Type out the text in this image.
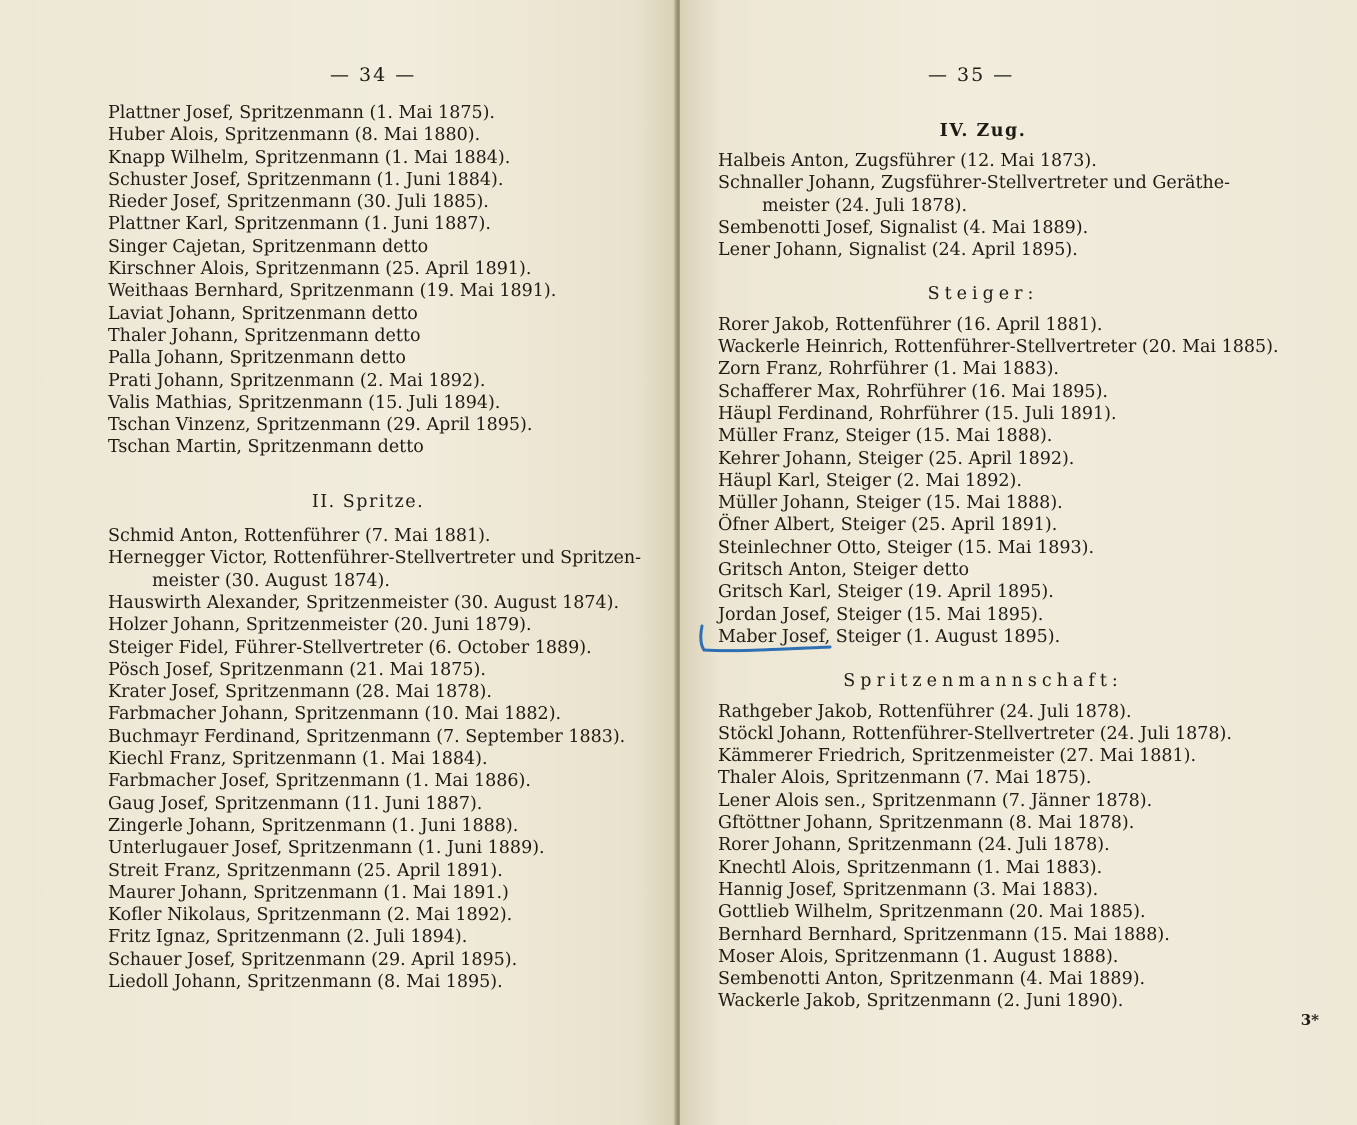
— 34 —
Plattner Josef, Spritzenmann (1. Mai 1875).
Huber Alois, Spritzenmann (8. Mai 1880).
Knapp Wilhelm, Spritzenmann (1. Mai 1884).
Schuster Josef, Spritzenmann (1. Juni 1884).
Rieder Josef, Spritzenmann (30. Juli 1885).
Plattner Karl, Spritzenmann (1. Juni 1887).
Singer Cajetan, Spritzenmann detto
Kirschner Alois, Spritzenmann (25. April 1891).
Weithaas Bernhard, Spritzenmann (19. Mai 1891).
Laviat Johann, Spritzenmann detto
Thaler Johann, Spritzenmann detto
Palla Johann, Spritzenmann detto
Prati Johann, Spritzenmann (2. Mai 1892).
Valis Mathias, Spritzenmann (15. Juli 1894).
Tschan Vinzenz, Spritzenmann (29. April 1895).
Tschan Martin, Spritzenmann detto
II. Spritze.
Schmid Anton, Rottenführer (7. Mai 1881).
Hernegger Victor, Rottenführer-Stellvertreter und Spritzen-
meister (30. August 1874).
Hauswirth Alexander, Spritzenmeister (30. August 1874).
Holzer Johann, Spritzenmeister (20. Juni 1879).
Steiger Fidel, Führer-Stellvertreter (6. October 1889).
Pösch Josef, Spritzenmann (21. Mai 1875).
Krater Josef, Spritzenmann (28. Mai 1878).
Farbmacher Johann, Spritzenmann (10. Mai 1882).
Buchmayr Ferdinand, Spritzenmann (7. September 1883).
Kiechl Franz, Spritzenmann (1. Mai 1884).
Farbmacher Josef, Spritzenmann (1. Mai 1886).
Gaug Josef, Spritzenmann (11. Juni 1887).
Zingerle Johann, Spritzenmann (1. Juni 1888).
Unterlugauer Josef, Spritzenmann (1. Juni 1889).
Streit Franz, Spritzenmann (25. April 1891).
Maurer Johann, Spritzenmann (1. Mai 1891.)
Kofler Nikolaus, Spritzenmann (2. Mai 1892).
Fritz Ignaz, Spritzenmann (2. Juli 1894).
Schauer Josef, Spritzenmann (29. April 1895).
Liedoll Johann, Spritzenmann (8. Mai 1895).
— 35 —
IV. Zug.
Halbeis Anton, Zugsführer (12. Mai 1873).
Schnaller Johann, Zugsführer-Stellvertreter und Geräthe-
meister (24. Juli 1878).
Sembenotti Josef, Signalist (4. Mai 1889).
Lener Johann, Signalist (24. April 1895).
Steiger:
Rorer Jakob, Rottenführer (16. April 1881).
Wackerle Heinrich, Rottenführer-Stellvertreter (20. Mai 1885).
Zorn Franz, Rohrführer (1. Mai 1883).
Schafferer Max, Rohrführer (16. Mai 1895).
Häupl Ferdinand, Rohrführer (15. Juli 1891).
Müller Franz, Steiger (15. Mai 1888).
Kehrer Johann, Steiger (25. April 1892).
Häupl Karl, Steiger (2. Mai 1892).
Müller Johann, Steiger (15. Mai 1888).
Öfner Albert, Steiger (25. April 1891).
Steinlechner Otto, Steiger (15. Mai 1893).
Gritsch Anton, Steiger detto
Gritsch Karl, Steiger (19. April 1895).
Jordan Josef, Steiger (15. Mai 1895).
Maber Josef, Steiger (1. August 1895).
Spritzenmannschaft:
Rathgeber Jakob, Rottenführer (24. Juli 1878).
Stöckl Johann, Rottenführer-Stellvertreter (24. Juli 1878).
Kämmerer Friedrich, Spritzenmeister (27. Mai 1881).
Thaler Alois, Spritzenmann (7. Mai 1875).
Lener Alois sen., Spritzenmann (7. Jänner 1878).
Gftöttner Johann, Spritzenmann (8. Mai 1878).
Rorer Johann, Spritzenmann (24. Juli 1878).
Knechtl Alois, Spritzenmann (1. Mai 1883).
Hannig Josef, Spritzenmann (3. Mai 1883).
Gottlieb Wilhelm, Spritzenmann (20. Mai 1885).
Bernhard Bernhard, Spritzenmann (15. Mai 1888).
Moser Alois, Spritzenmann (1. August 1888).
Sembenotti Anton, Spritzenmann (4. Mai 1889).
Wackerle Jakob, Spritzenmann (2. Juni 1890).
3*
